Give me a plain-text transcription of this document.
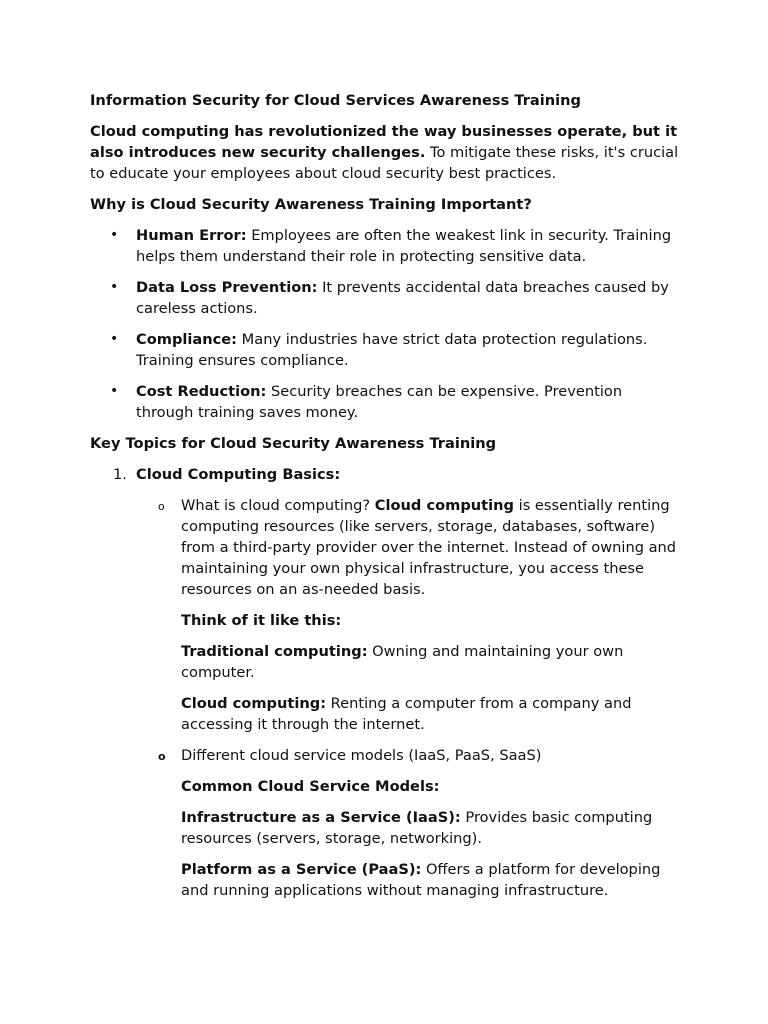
Information Security for Cloud Services Awareness Training

Cloud computing has revolutionized the way businesses operate, but it also introduces new security challenges. To mitigate these risks, it's crucial to educate your employees about cloud security best practices.

Why is Cloud Security Awareness Training Important?

• Human Error: Employees are often the weakest link in security. Training helps them understand their role in protecting sensitive data.
• Data Loss Prevention: It prevents accidental data breaches caused by careless actions.
• Compliance: Many industries have strict data protection regulations. Training ensures compliance.
• Cost Reduction: Security breaches can be expensive. Prevention through training saves money.

Key Topics for Cloud Security Awareness Training

1. Cloud Computing Basics:

o What is cloud computing? Cloud computing is essentially renting computing resources (like servers, storage, databases, software) from a third-party provider over the internet. Instead of owning and maintaining your own physical infrastructure, you access these resources on an as-needed basis.

Think of it like this:

Traditional computing: Owning and maintaining your own computer.

Cloud computing: Renting a computer from a company and accessing it through the internet.

o Different cloud service models (IaaS, PaaS, SaaS)

Common Cloud Service Models:

Infrastructure as a Service (IaaS): Provides basic computing resources (servers, storage, networking).

Platform as a Service (PaaS): Offers a platform for developing and running applications without managing infrastructure.
